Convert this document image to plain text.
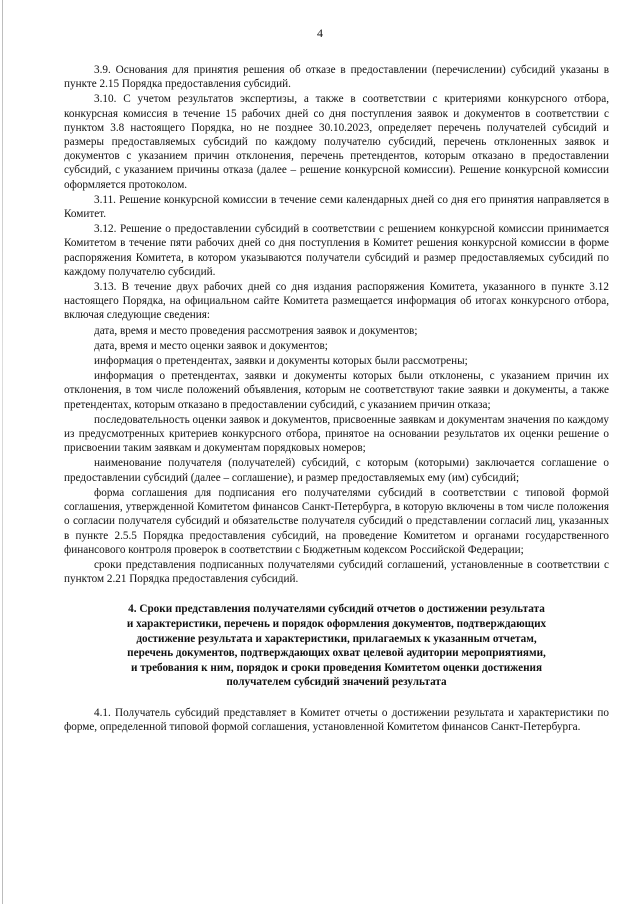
4

3.9. Основания для принятия решения об отказе в предоставлении (перечислении) субсидий указаны в пункте 2.15 Порядка предоставления субсидий.

3.10. С учетом результатов экспертизы, а также в соответствии с критериями конкурсного отбора, конкурсная комиссия в течение 15 рабочих дней со дня поступления заявок и документов в соответствии с пунктом 3.8 настоящего Порядка, но не позднее 30.10.2023, определяет перечень получателей субсидий и размеры предоставляемых субсидий по каждому получателю субсидий, перечень отклоненных заявок и документов с указанием причин отклонения, перечень претендентов, которым отказано в предоставлении субсидий, с указанием причины отказа (далее – решение конкурсной комиссии). Решение конкурсной комиссии оформляется протоколом.

3.11. Решение конкурсной комиссии в течение семи календарных дней со дня его принятия направляется в Комитет.

3.12. Решение о предоставлении субсидий в соответствии с решением конкурсной комиссии принимается Комитетом в течение пяти рабочих дней со дня поступления в Комитет решения конкурсной комиссии в форме распоряжения Комитета, в котором указываются получатели субсидий и размер предоставляемых субсидий по каждому получателю субсидий.

3.13. В течение двух рабочих дней со дня издания распоряжения Комитета, указанного в пункте 3.12 настоящего Порядка, на официальном сайте Комитета размещается информация об итогах конкурсного отбора, включая следующие сведения:

дата, время и место проведения рассмотрения заявок и документов;

дата, время и место оценки заявок и документов;

информация о претендентах, заявки и документы которых были рассмотрены;

информация о претендентах, заявки и документы которых были отклонены, с указанием причин их отклонения, в том числе положений объявления, которым не соответствуют такие заявки и документы, а также претендентах, которым отказано в предоставлении субсидий, с указанием причин отказа;

последовательность оценки заявок и документов, присвоенные заявкам и документам значения по каждому из предусмотренных критериев конкурсного отбора, принятое на основании результатов их оценки решение о присвоении таким заявкам и документам порядковых номеров;

наименование получателя (получателей) субсидий, с которым (которыми) заключается соглашение о предоставлении субсидий (далее – соглашение), и размер предоставляемых ему (им) субсидий;

форма соглашения для подписания его получателями субсидий в соответствии с типовой формой соглашения, утвержденной Комитетом финансов Санкт-Петербурга, в которую включены в том числе положения о согласии получателя субсидий и обязательстве получателя субсидий о представлении согласий лиц, указанных в пункте 2.5.5 Порядка предоставления субсидий, на проведение Комитетом и органами государственного финансового контроля проверок в соответствии с Бюджетным кодексом Российской Федерации;

сроки представления подписанных получателями субсидий соглашений, установленные в соответствии с пунктом 2.21 Порядка предоставления субсидий.

4. Сроки представления получателями субсидий отчетов о достижении результата
и характеристики, перечень и порядок оформления документов, подтверждающих
достижение результата и характеристики, прилагаемых к указанным отчетам,
перечень документов, подтверждающих охват целевой аудитории мероприятиями,
и требования к ним, порядок и сроки проведения Комитетом оценки достижения
получателем субсидий значений результата

4.1. Получатель субсидий представляет в Комитет отчеты о достижении результата и характеристики по форме, определенной типовой формой соглашения, установленной Комитетом финансов Санкт-Петербурга.
